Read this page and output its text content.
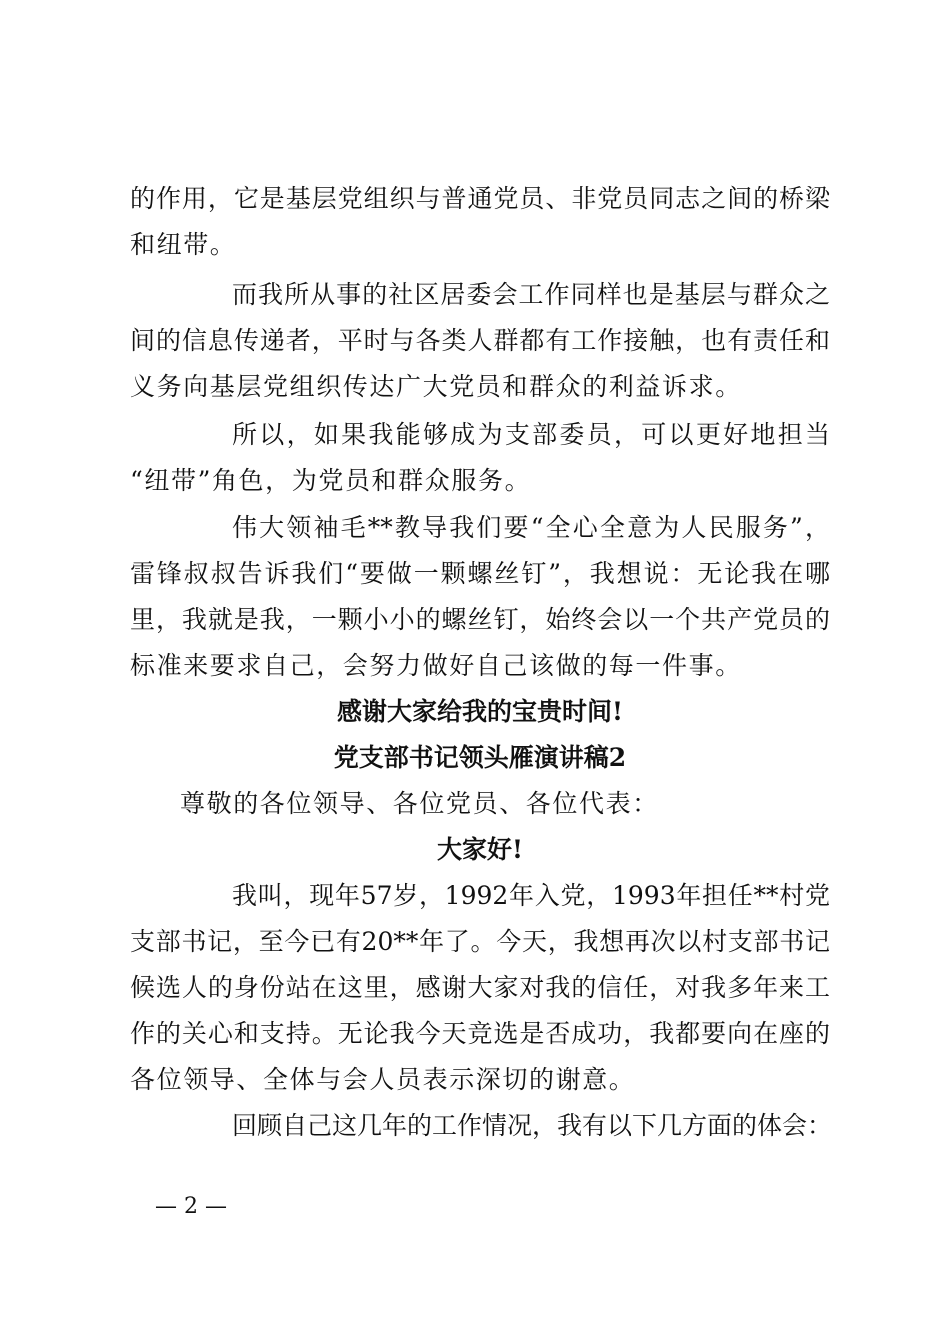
的作用，它是基层党组织与普通党员、非党员同志之间的桥梁
和纽带。
而我所从事的社区居委会工作同样也是基层与群众之
间的信息传递者，平时与各类人群都有工作接触，也有责任和
义务向基层党组织传达广大党员和群众的利益诉求。
所以，如果我能够成为支部委员，可以更好地担当
“纽带”角色，为党员和群众服务。
伟大领袖毛**教导我们要“全心全意为人民服务”，
雷锋叔叔告诉我们“要做一颗螺丝钉”，我想说：无论我在哪
里，我就是我，一颗小小的螺丝钉，始终会以一个共产党员的
标准来要求自己，会努力做好自己该做的每一件事。
感谢大家给我的宝贵时间!
党支部书记领头雁演讲稿2
尊敬的各位领导、各位党员、各位代表：
大家好!
我叫，现年57岁，1992年入党，1993年担任**村党
支部书记，至今已有20**年了。今天，我想再次以村支部书记
候选人的身份站在这里，感谢大家对我的信任，对我多年来工
作的关心和支持。无论我今天竞选是否成功，我都要向在座的
各位领导、全体与会人员表示深切的谢意。
回顾自己这几年的工作情况，我有以下几方面的体会：
— 2 —
